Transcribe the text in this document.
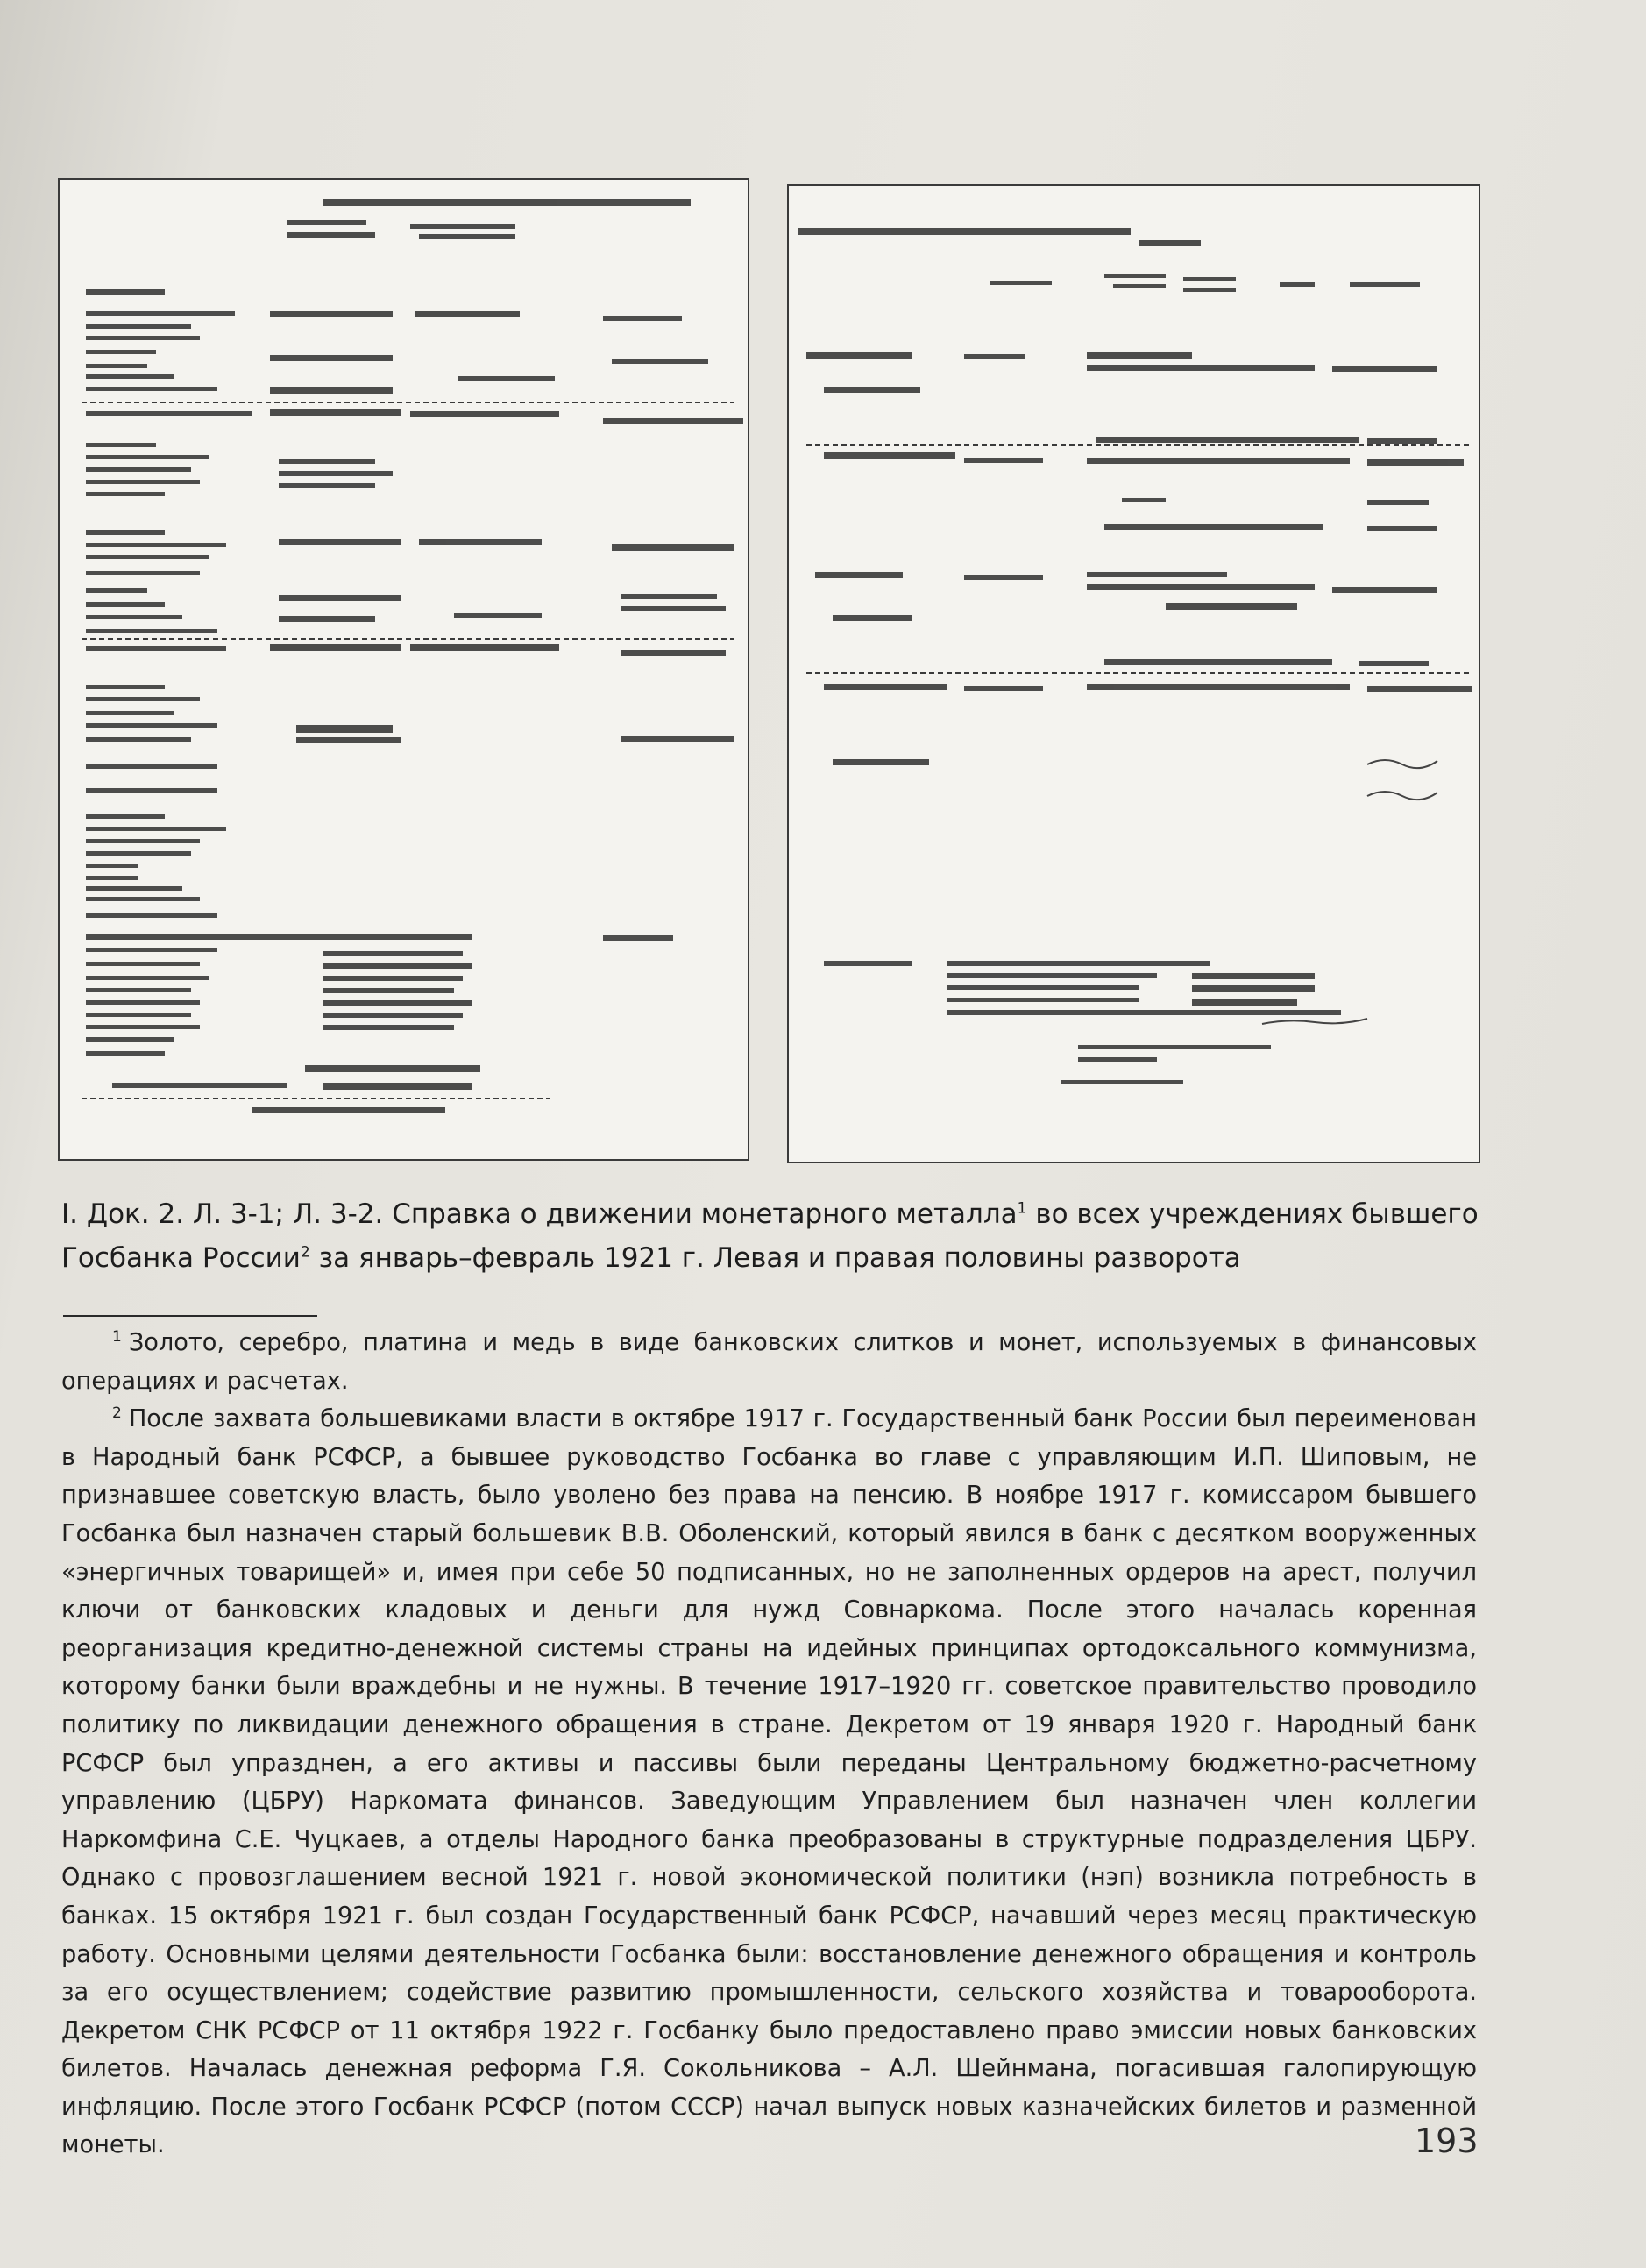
I. Док. 2. Л. 3-1; Л. 3-2. Справка о движении монетарного металла$^1$ во всех учреждениях бывшего Госбанка России$^2$ за январь–февраль 1921 г. Левая и правая половины разворота

$^1$ Золото, серебро, платина и медь в виде банковских слитков и монет, используемых в финансовых операциях и расчетах.

$^2$ После захвата большевиками власти в октябре 1917 г. Государственный банк России был переименован в Народный банк РСФСР, а бывшее руководство Госбанка во главе с управляющим И.П. Шиповым, не признавшее советскую власть, было уволено без права на пенсию. В ноябре 1917 г. комиссаром бывшего Госбанка был назначен старый большевик В.В. Оболенский, который явился в банк с десятком вооруженных «энергичных товарищей» и, имея при себе 50 подписанных, но не заполненных ордеров на арест, получил ключи от банковских кладовых и деньги для нужд Совнаркома. После этого началась коренная реорганизация кредитно-денежной системы страны на идейных принципах ортодоксального коммунизма, которому банки были враждебны и не нужны. В течение 1917–1920 гг. советское правительство проводило политику по ликвидации денежного обращения в стране. Декретом от 19 января 1920 г. Народный банк РСФСР был упразднен, а его активы и пассивы были переданы Центральному бюджетно-расчетному управлению (ЦБРУ) Наркомата финансов. Заведующим Управлением был назначен член коллегии Наркомфина С.Е. Чуцкаев, а отделы Народного банка преобразованы в структурные подразделения ЦБРУ. Однако с провозглашением весной 1921 г. новой экономической политики (нэп) возникла потребность в банках. 15 октября 1921 г. был создан Государственный банк РСФСР, начавший через месяц практическую работу. Основными целями деятельности Госбанка были: восстановление денежного обращения и контроль за его осуществлением; содействие развитию промышленности, сельского хозяйства и товарооборота. Декретом СНК РСФСР от 11 октября 1922 г. Госбанку было предоставлено право эмиссии новых банковских билетов. Началась денежная реформа Г.Я. Сокольникова – А.Л. Шейнмана, погасившая галопирующую инфляцию. После этого Госбанк РСФСР (потом СССР) начал выпуск новых казначейских билетов и разменной монеты.	193
